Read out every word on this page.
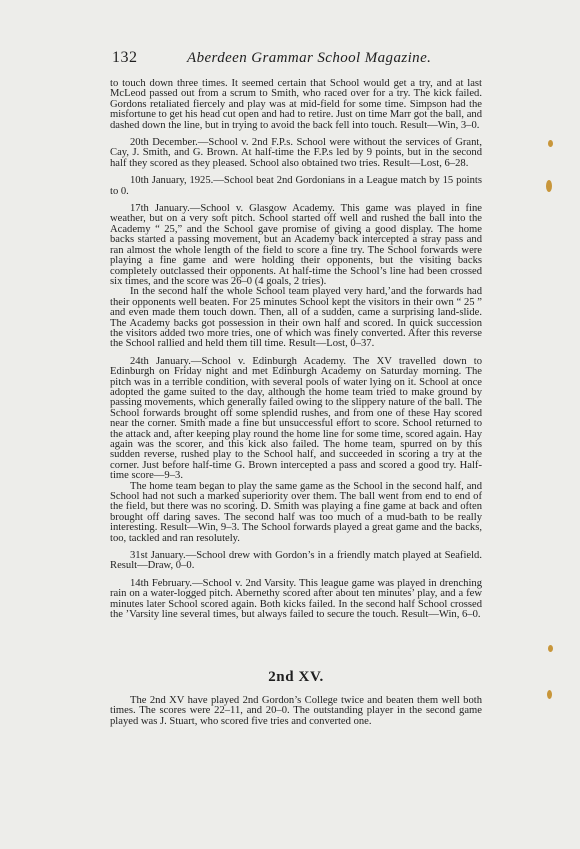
132	Aberdeen Grammar School Magazine.

to touch down three times. It seemed certain that School would get a try, and at last McLeod passed out from a scrum to Smith, who raced over for a try. The kick failed. Gordons retaliated fiercely and play was at mid-field for some time. Simpson had the misfortune to get his head cut open and had to retire. Just on time Marr got the ball, and dashed down the line, but in trying to avoid the back fell into touch. Result—Win, 3–0.

20th December.—School v. 2nd F.P.s. School were without the services of Grant, Cay, J. Smith, and G. Brown. At half-time the F.P.s led by 9 points, but in the second half they scored as they pleased. School also obtained two tries. Result—Lost, 6–28.

10th January, 1925.—School beat 2nd Gordonians in a League match by 15 points to 0.

17th January.—School v. Glasgow Academy. This game was played in fine weather, but on a very soft pitch. School started off well and rushed the ball into the Academy “ 25,” and the School gave promise of giving a good display. The home backs started a passing movement, but an Academy back intercepted a stray pass and ran almost the whole length of the field to score a fine try. The School forwards were playing a fine game and were holding their opponents, but the visiting backs completely outclassed their opponents. At half-time the School’s line had been crossed six times, and the score was 26–0 (4 goals, 2 tries).

In the second half the whole School team played very hard,’and the forwards had their opponents well beaten. For 25 minutes School kept the visitors in their own “ 25 ” and even made them touch down. Then, all of a sudden, came a surprising land-slide. The Academy backs got possession in their own half and scored. In quick succession the visitors added two more tries, one of which was finely converted. After this reverse the School rallied and held them till time. Result—Lost, 0–37.

24th January.—School v. Edinburgh Academy. The XV travelled down to Edinburgh on Friday night and met Edinburgh Academy on Saturday morning. The pitch was in a terrible condition, with several pools of water lying on it. School at once adopted the game suited to the day, although the home team tried to make ground by passing movements, which generally failed owing to the slippery nature of the ball. The School forwards brought off some splendid rushes, and from one of these Hay scored near the corner. Smith made a fine but unsuccessful effort to score. School returned to the attack and, after keeping play round the home line for some time, scored again. Hay again was the scorer, and this kick also failed. The home team, spurred on by this sudden reverse, rushed play to the School half, and succeeded in scoring a try at the corner. Just before half-time G. Brown intercepted a pass and scored a good try. Half-time score—9–3.

The home team began to play the same game as the School in the second half, and School had not such a marked superiority over them. The ball went from end to end of the field, but there was no scoring. D. Smith was playing a fine game at back and often brought off daring saves. The second half was too much of a mud-bath to be really interesting. Result—Win, 9–3. The School forwards played a great game and the backs, too, tackled and ran resolutely.

31st January.—School drew with Gordon’s in a friendly match played at Seafield. Result—Draw, 0–0.

14th February.—School v. 2nd Varsity. This league game was played in drenching rain on a water-logged pitch. Abernethy scored after about ten minutes’ play, and a few minutes later School scored again. Both kicks failed. In the second half School crossed the ’Varsity line several times, but always failed to secure the touch. Result—Win, 6–0.

2nd XV.

The 2nd XV have played 2nd Gordon’s College twice and beaten them well both times. The scores were 22–11, and 20–0. The outstanding player in the second game played was J. Stuart, who scored five tries and converted one.
